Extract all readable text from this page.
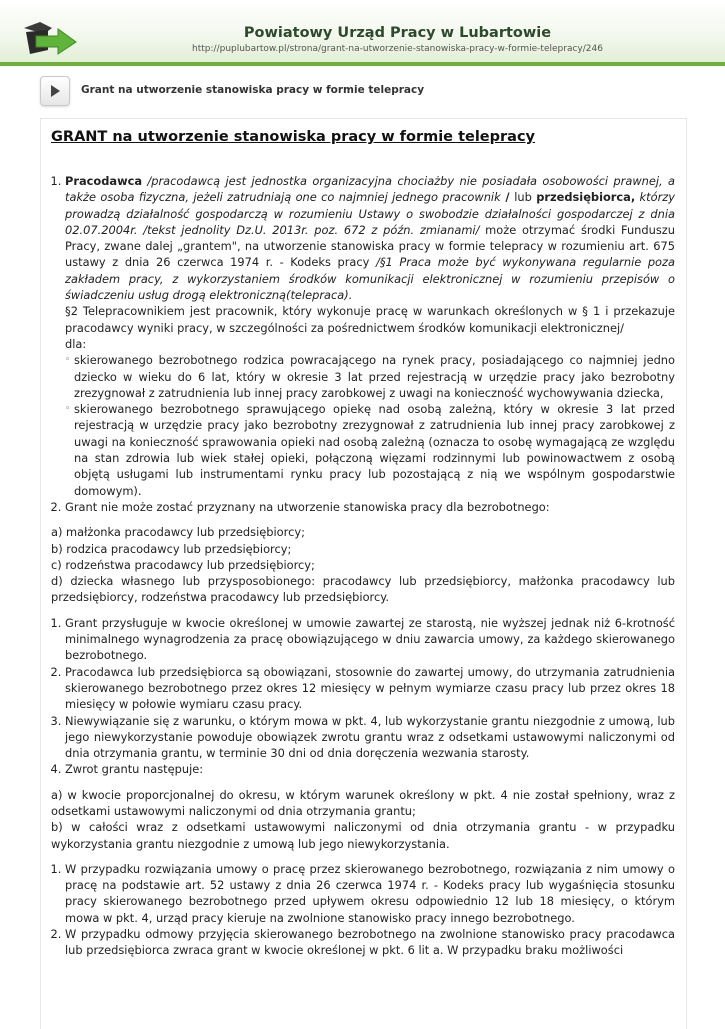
Powiatowy Urząd Pracy w Lubartowie
http://puplubartow.pl/strona/grant-na-utworzenie-stanowiska-pracy-w-formie-telepracy/246
Grant na utworzenie stanowiska pracy w formie telepracy
GRANT na utworzenie stanowiska pracy w formie telepracy
1. Pracodawca /pracodawcą jest jednostka organizacyjna chociażby nie posiadała osobowości prawnej, a także osoba fizyczna, jeżeli zatrudniają one co najmniej jednego pracownik / lub przedsiębiorca, którzy prowadzą działalność gospodarczą w rozumieniu Ustawy o swobodzie działalności gospodarczej z dnia 02.07.2004r. /tekst jednolity Dz.U. 2013r. poz. 672 z późn. zmianami/ może otrzymać środki Funduszu Pracy, zwane dalej „grantem", na utworzenie stanowiska pracy w formie telepracy w rozumieniu art. 675 ustawy z dnia 26 czerwca 1974 r. - Kodeks pracy /§1 Praca może być wykonywana regularnie poza zakładem pracy, z wykorzystaniem środków komunikacji elektronicznej w rozumieniu przepisów o świadczeniu usług drogą elektroniczną(telepraca).

§2 Telepracownikiem jest pracownik, który wykonuje pracę w warunkach określonych w § 1 i przekazuje pracodawcy wyniki pracy, w szczególności za pośrednictwem środków komunikacji elektronicznej/

dla:

◦ skierowanego bezrobotnego rodzica powracającego na rynek pracy, posiadającego co najmniej jedno dziecko w wieku do 6 lat, który w okresie 3 lat przed rejestracją w urzędzie pracy jako bezrobotny zrezygnował z zatrudnienia lub innej pracy zarobkowej z uwagi na konieczność wychowywania dziecka,
◦ skierowanego bezrobotnego sprawującego opiekę nad osobą zależną, który w okresie 3 lat przed rejestracją w urzędzie pracy jako bezrobotny zrezygnował z zatrudnienia lub innej pracy zarobkowej z uwagi na konieczność sprawowania opieki nad osobą zależną (oznacza to osobę wymagającą ze względu na stan zdrowia lub wiek stałej opieki, połączoną więzami rodzinnymi lub powinowactwem z osobą objętą usługami lub instrumentami rynku pracy lub pozostającą z nią we wspólnym gospodarstwie domowym).
2. Grant nie może zostać przyznany na utworzenie stanowiska pracy dla bezrobotnego:

a) małżonka pracodawcy lub przedsiębiorcy;

b) rodzica pracodawcy lub przedsiębiorcy;

c) rodzeństwa pracodawcy lub przedsiębiorcy;

d) dziecka własnego lub przysposobionego: pracodawcy lub przedsiębiorcy, małżonka pracodawcy lub przedsiębiorcy, rodzeństwa pracodawcy lub przedsiębiorcy.

1. Grant przysługuje w kwocie określonej w umowie zawartej ze starostą, nie wyższej jednak niż 6-krotność minimalnego wynagrodzenia za pracę obowiązującego w dniu zawarcia umowy, za każdego skierowanego bezrobotnego.
2. Pracodawca lub przedsiębiorca są obowiązani, stosownie do zawartej umowy, do utrzymania zatrudnienia skierowanego bezrobotnego przez okres 12 miesięcy w pełnym wymiarze czasu pracy lub przez okres 18 miesięcy w połowie wymiaru czasu pracy.
3. Niewywiązanie się z warunku, o którym mowa w pkt. 4, lub wykorzystanie grantu niezgodnie z umową, lub jego niewykorzystanie powoduje obowiązek zwrotu grantu wraz z odsetkami ustawowymi naliczonymi od dnia otrzymania grantu, w terminie 30 dni od dnia doręczenia wezwania starosty.
4. Zwrot grantu następuje:

a) w kwocie proporcjonalnej do okresu, w którym warunek określony w pkt. 4 nie został spełniony, wraz z odsetkami ustawowymi naliczonymi od dnia otrzymania grantu;

b) w całości wraz z odsetkami ustawowymi naliczonymi od dnia otrzymania grantu - w przypadku wykorzystania grantu niezgodnie z umową lub jego niewykorzystania.

1. W przypadku rozwiązania umowy o pracę przez skierowanego bezrobotnego, rozwiązania z nim umowy o pracę na podstawie art. 52 ustawy z dnia 26 czerwca 1974 r. - Kodeks pracy lub wygaśnięcia stosunku pracy skierowanego bezrobotnego przed upływem okresu odpowiednio 12 lub 18 miesięcy, o którym mowa w pkt. 4, urząd pracy kieruje na zwolnione stanowisko pracy innego bezrobotnego.
2. W przypadku odmowy przyjęcia skierowanego bezrobotnego na zwolnione stanowisko pracy pracodawca lub przedsiębiorca zwraca grant w kwocie określonej w pkt. 6 lit a. W przypadku braku możliwości
